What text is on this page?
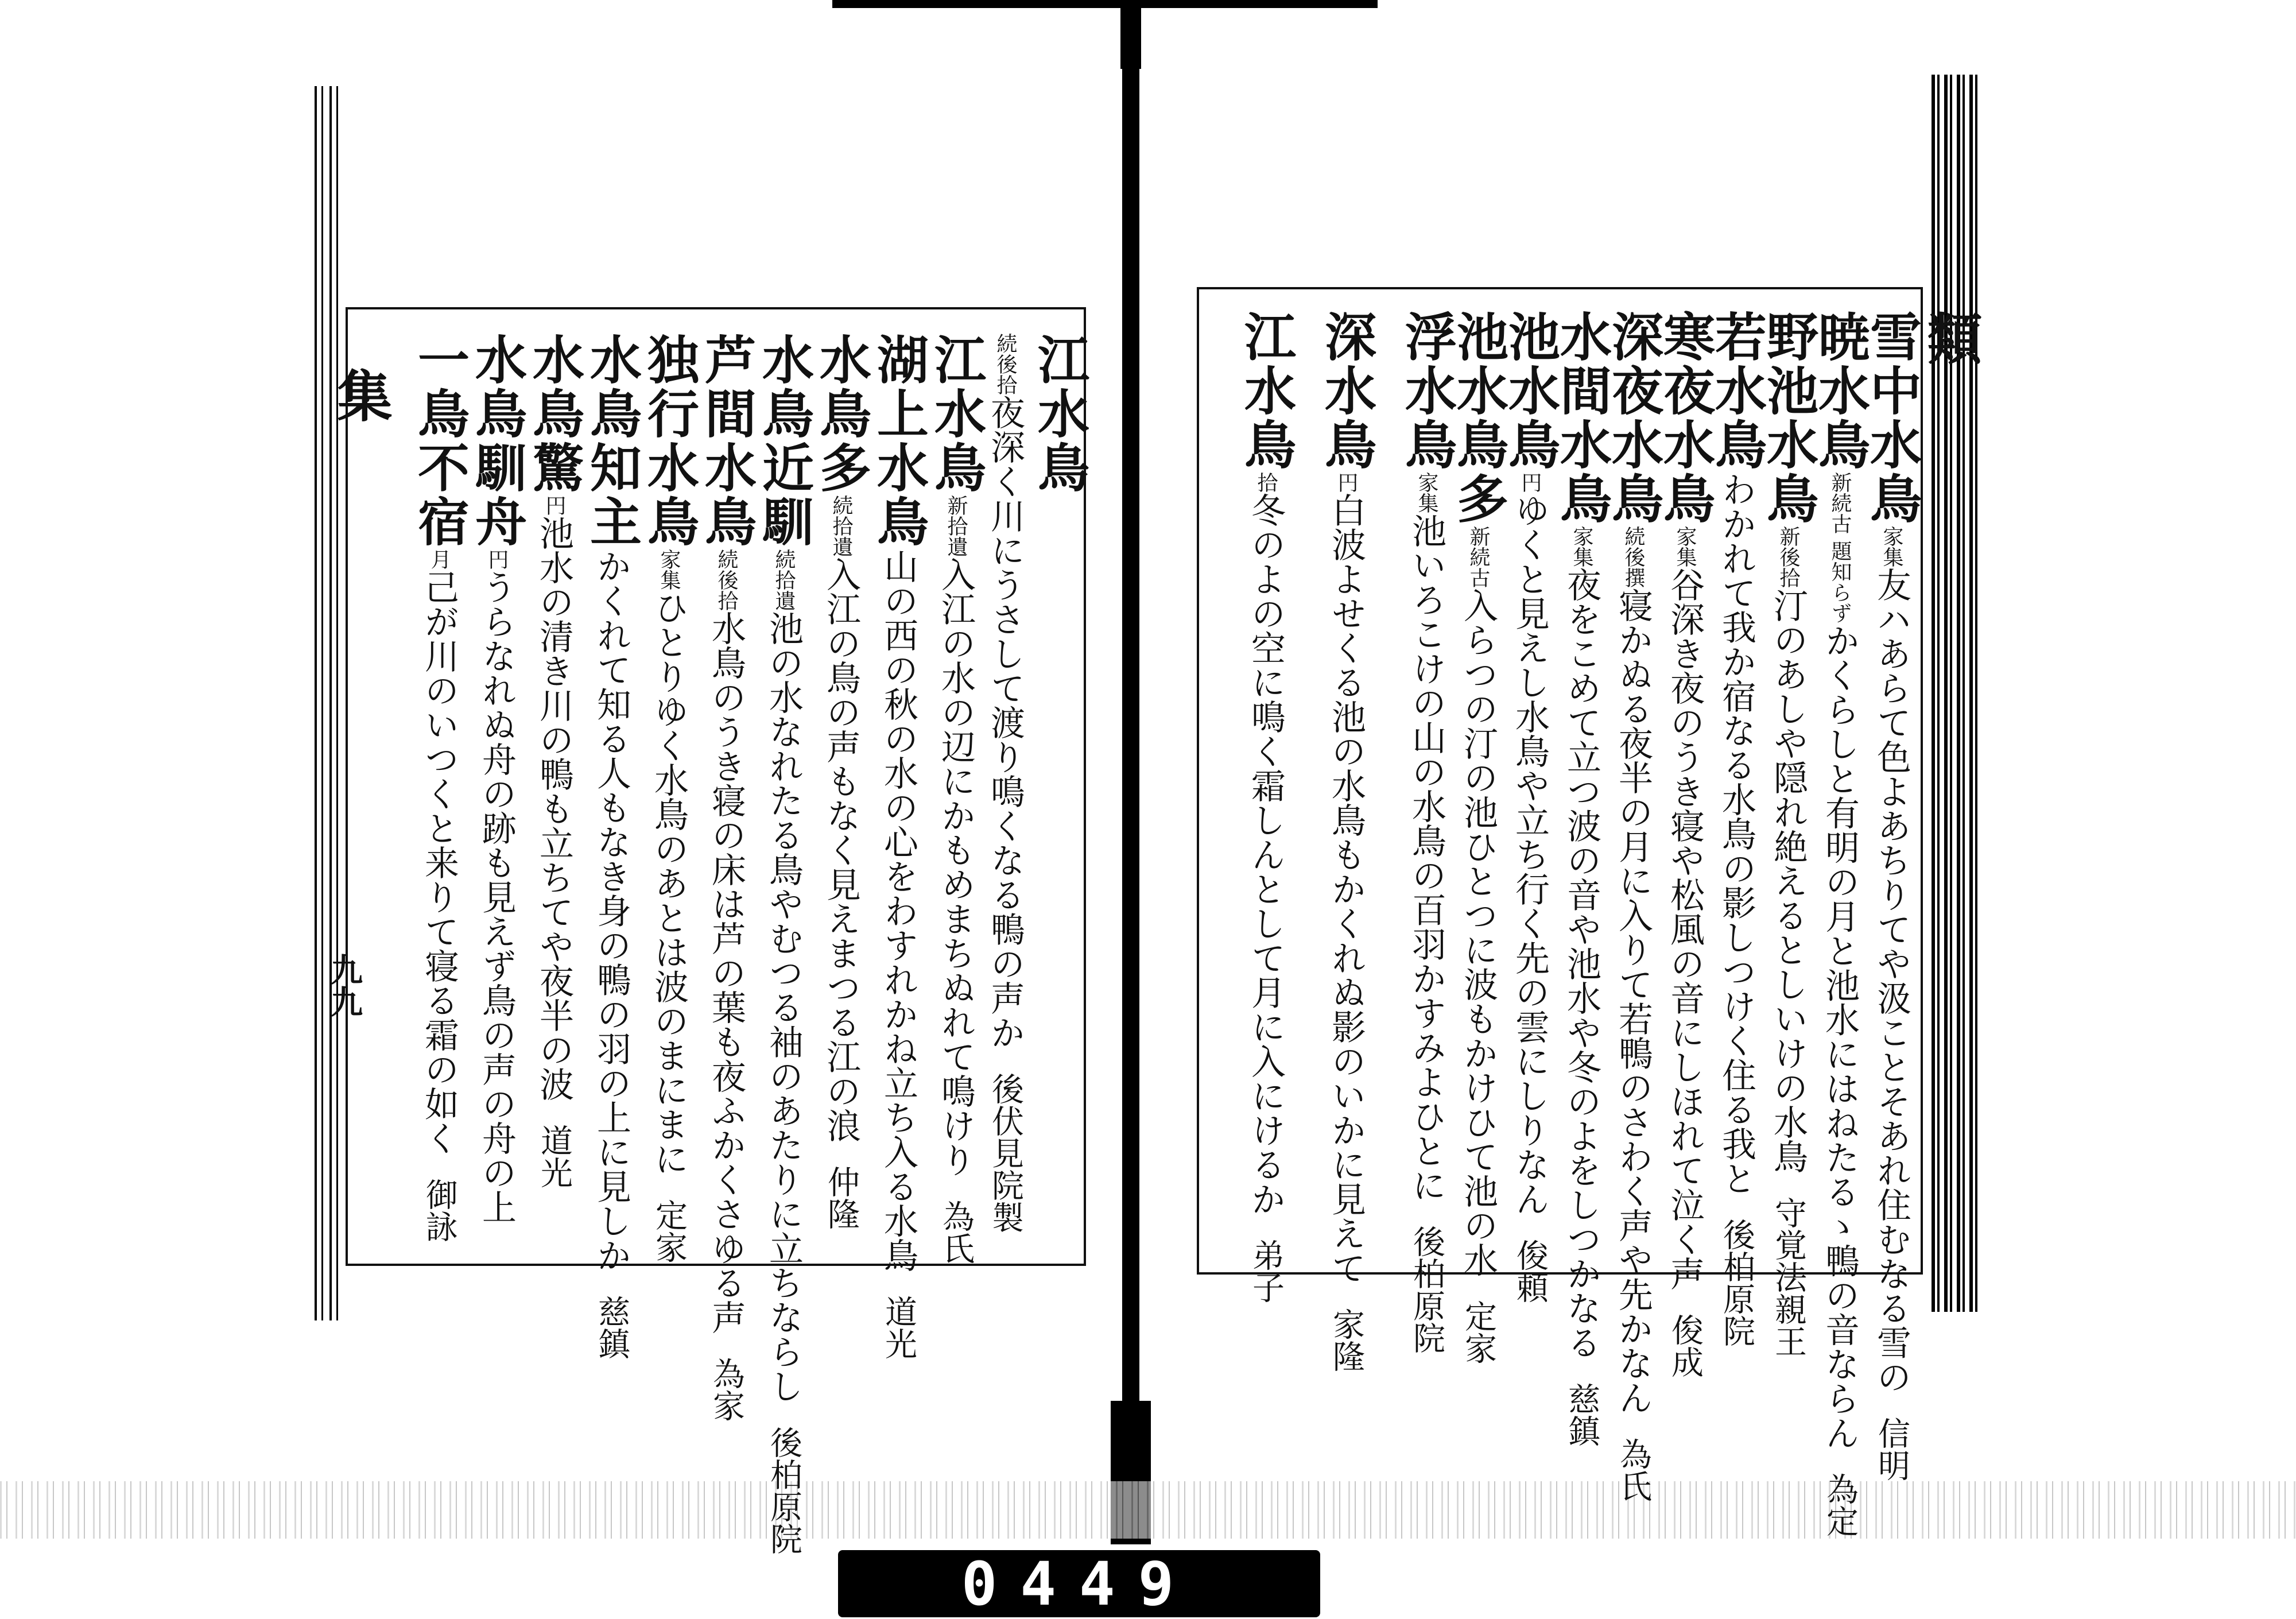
集
類
九九
雪中水鳥家集友ハあらて色よあちりてや汲ことそあれ住むなる雪の信明
暁水鳥新続古 題知らずかくらしと有明の月と池水にはねたるゝ鴨の音ならん為定
野池水鳥新後拾汀のあしや隠れ絶えるとしいけの水鳥守覚法親王
若水鳥わかれて我か宿なる水鳥の影しつけく住る我と後柏原院
寒夜水鳥家集谷深き夜のうき寝や松風の音にしほれて泣く声俊成
深夜水鳥続後撰寝かぬる夜半の月に入りて若鴨のさわく声や先かなん為氏
水間水鳥家集夜をこめて立つ波の音や池水や冬のよをしつかなる慈鎮
池水鳥円ゆくと見えし水鳥や立ち行く先の雲にしりなん俊頼
池水鳥多新続古入らつの汀の池ひとつに波もかけひて池の水定家
浮水鳥家集池いろこけの山の水鳥の百羽かすみよひとに後柏原院
深水鳥円白波よせくる池の水鳥もかくれぬ影のいかに見えて家隆
江水鳥拾冬のよの空に鳴く霜しんとして月に入にけるか弟子
江水鳥
続後拾夜深く川にうさして渡り鳴くなる鴨の声か後伏見院製
江水鳥新拾遺入江の水の辺にかもめまちぬれて鳴けり為氏
湖上水鳥山の西の秋の水の心をわすれかね立ち入る水鳥道光
水鳥多続拾遺入江の鳥の声もなく見えまつる江の浪仲隆
水鳥近馴続拾遺池の水なれたる鳥やむつる袖のあたりに立ちならし後柏原院
芦間水鳥続後拾水鳥のうき寝の床は芦の葉も夜ふかくさゆる声為家
独行水鳥家集ひとりゆく水鳥のあとは波のまにまに定家
水鳥知主かくれて知る人もなき身の鴨の羽の上に見しか慈鎮
水鳥驚円池水の清き川の鴨も立ちてや夜半の波道光
水鳥馴舟円うらなれぬ舟の跡も見えず鳥の声の舟の上
一鳥不宿月己が川のいつくと来りて寝る霜の如く御詠
0449
